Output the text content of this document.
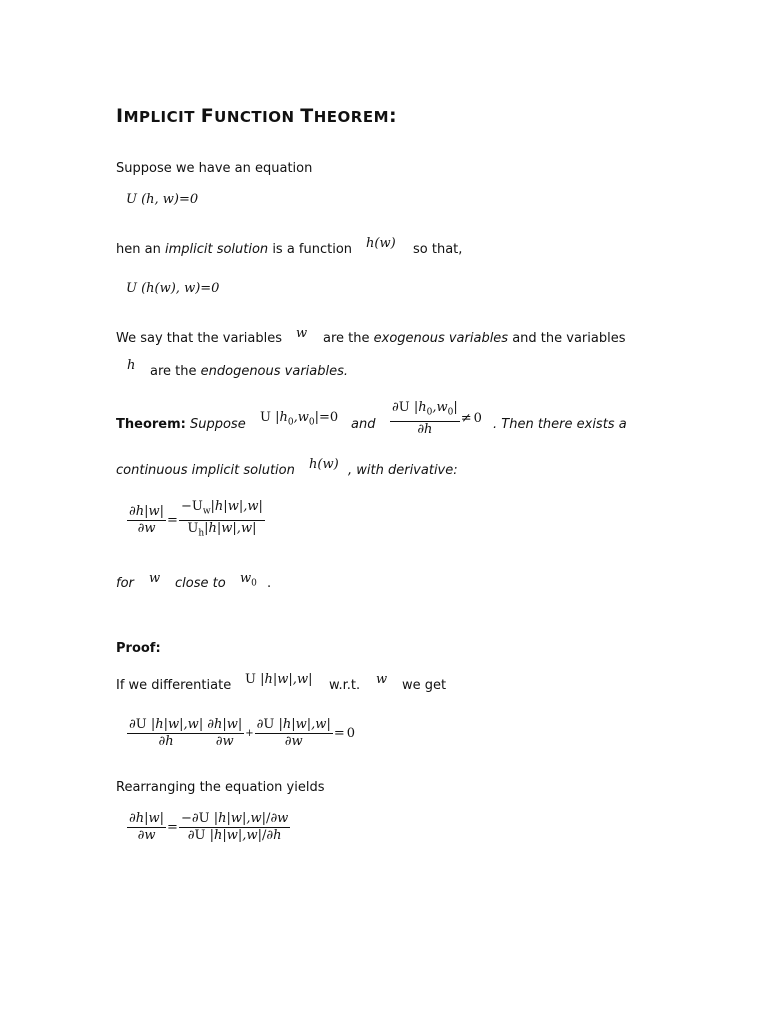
IMPLICIT FUNCTION THEOREM:
Suppose we have an equation
U (h, w)=0
hen an implicit solution is a function h(w) so that,
U (h(w), w)=0
We say that the variables w are the exogenous variables and the variables
h are the endogenous variables.
Theorem: Suppose U $|h_0,w_0|=0$ and $\frac{\partial U |h_0,w_0|}{\partial h} \ne 0$ . Then there exists a
continuous implicit solution h(w) , with derivative:
$\frac{\partial h|w|}{\partial w} = \frac{-U_w|h|w|,w|}{U_h|h|w|,w|}$
for w close to $w_0$ .
Proof:
If we differentiate U |h|w|,w| w.r.t. w we get
$\frac{\partial U |h|w|,w|}{\partial h} \frac{\partial h|w|}{\partial w} + \frac{\partial U |h|w|,w|}{\partial w} = 0$
Rearranging the equation yields
$\frac{\partial h|w|}{\partial w} = \frac{-\partial U |h|w|,w|/\partial w}{\partial U |h|w|,w|/\partial h}$
